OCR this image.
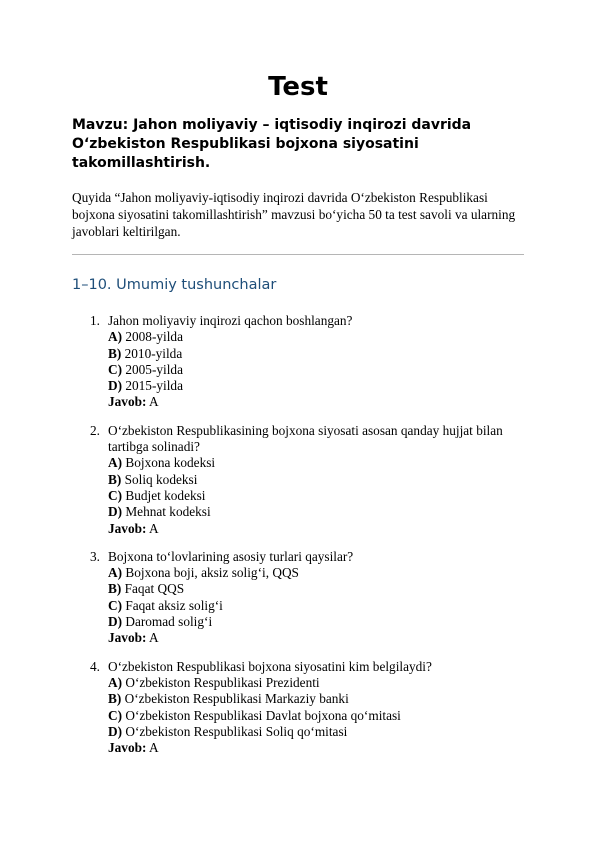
Test

Mavzu: Jahon moliyaviy – iqtisodiy inqirozi davrida O‘zbekiston Respublikasi bojxona siyosatini takomillashtirish.

Quyida “Jahon moliyaviy-iqtisodiy inqirozi davrida O‘zbekiston Respublikasi bojxona siyosatini takomillashtirish” mavzusi bo‘yicha 50 ta test savoli va ularning javoblari keltirilgan.

1–10. Umumiy tushunchalar
1. Jahon moliyaviy inqirozi qachon boshlangan?
A) 2008-yilda
B) 2010-yilda
C) 2005-yilda
D) 2015-yilda
Javob: A
2. O‘zbekiston Respublikasining bojxona siyosati asosan qanday hujjat bilan tartibga solinadi?
A) Bojxona kodeksi
B) Soliq kodeksi
C) Budjet kodeksi
D) Mehnat kodeksi
Javob: A
3. Bojxona to‘lovlarining asosiy turlari qaysilar?
A) Bojxona boji, aksiz solig‘i, QQS
B) Faqat QQS
C) Faqat aksiz solig‘i
D) Daromad solig‘i
Javob: A
4. O‘zbekiston Respublikasi bojxona siyosatini kim belgilaydi?
A) O‘zbekiston Respublikasi Prezidenti
B) O‘zbekiston Respublikasi Markaziy banki
C) O‘zbekiston Respublikasi Davlat bojxona qo‘mitasi
D) O‘zbekiston Respublikasi Soliq qo‘mitasi
Javob: A
